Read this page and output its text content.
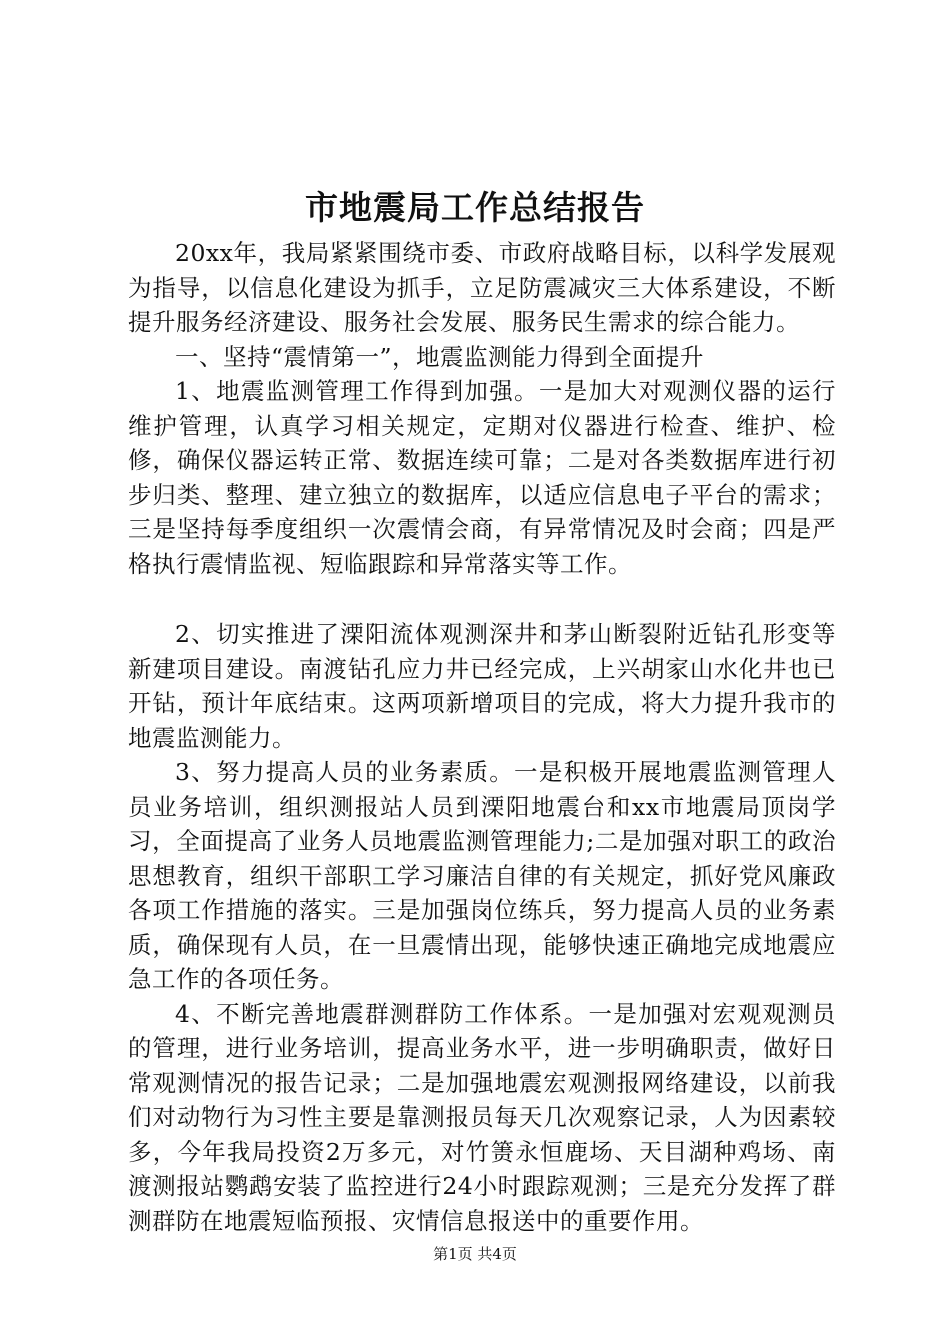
市地震局工作总结报告

20xx年，我局紧紧围绕市委、市政府战略目标，以科学发展观为指导，以信息化建设为抓手，立足防震减灾三大体系建设，不断提升服务经济建设、服务社会发展、服务民生需求的综合能力。

一、坚持“震情第一”，地震监测能力得到全面提升

1、地震监测管理工作得到加强。一是加大对观测仪器的运行维护管理，认真学习相关规定，定期对仪器进行检查、维护、检修，确保仪器运转正常、数据连续可靠；二是对各类数据库进行初步归类、整理、建立独立的数据库，以适应信息电子平台的需求；三是坚持每季度组织一次震情会商，有异常情况及时会商；四是严格执行震情监视、短临跟踪和异常落实等工作。

2、切实推进了溧阳流体观测深井和茅山断裂附近钻孔形变等新建项目建设。南渡钻孔应力井已经完成，上兴胡家山水化井也已开钻，预计年底结束。这两项新增项目的完成，将大力提升我市的地震监测能力。

3、努力提高人员的业务素质。一是积极开展地震监测管理人员业务培训，组织测报站人员到溧阳地震台和xx市地震局顶岗学习，全面提高了业务人员地震监测管理能力;二是加强对职工的政治思想教育，组织干部职工学习廉洁自律的有关规定，抓好党风廉政各项工作措施的落实。三是加强岗位练兵，努力提高人员的业务素质，确保现有人员，在一旦震情出现，能够快速正确地完成地震应急工作的各项任务。

4、不断完善地震群测群防工作体系。一是加强对宏观观测员的管理，进行业务培训，提高业务水平，进一步明确职责，做好日常观测情况的报告记录；二是加强地震宏观测报网络建设，以前我们对动物行为习性主要是靠测报员每天几次观察记录，人为因素较多，今年我局投资2万多元，对竹箦永恒鹿场、天目湖种鸡场、南渡测报站鹦鹉安装了监控进行24小时跟踪观测；三是充分发挥了群测群防在地震短临预报、灾情信息报送中的重要作用。

第1页 共4页
